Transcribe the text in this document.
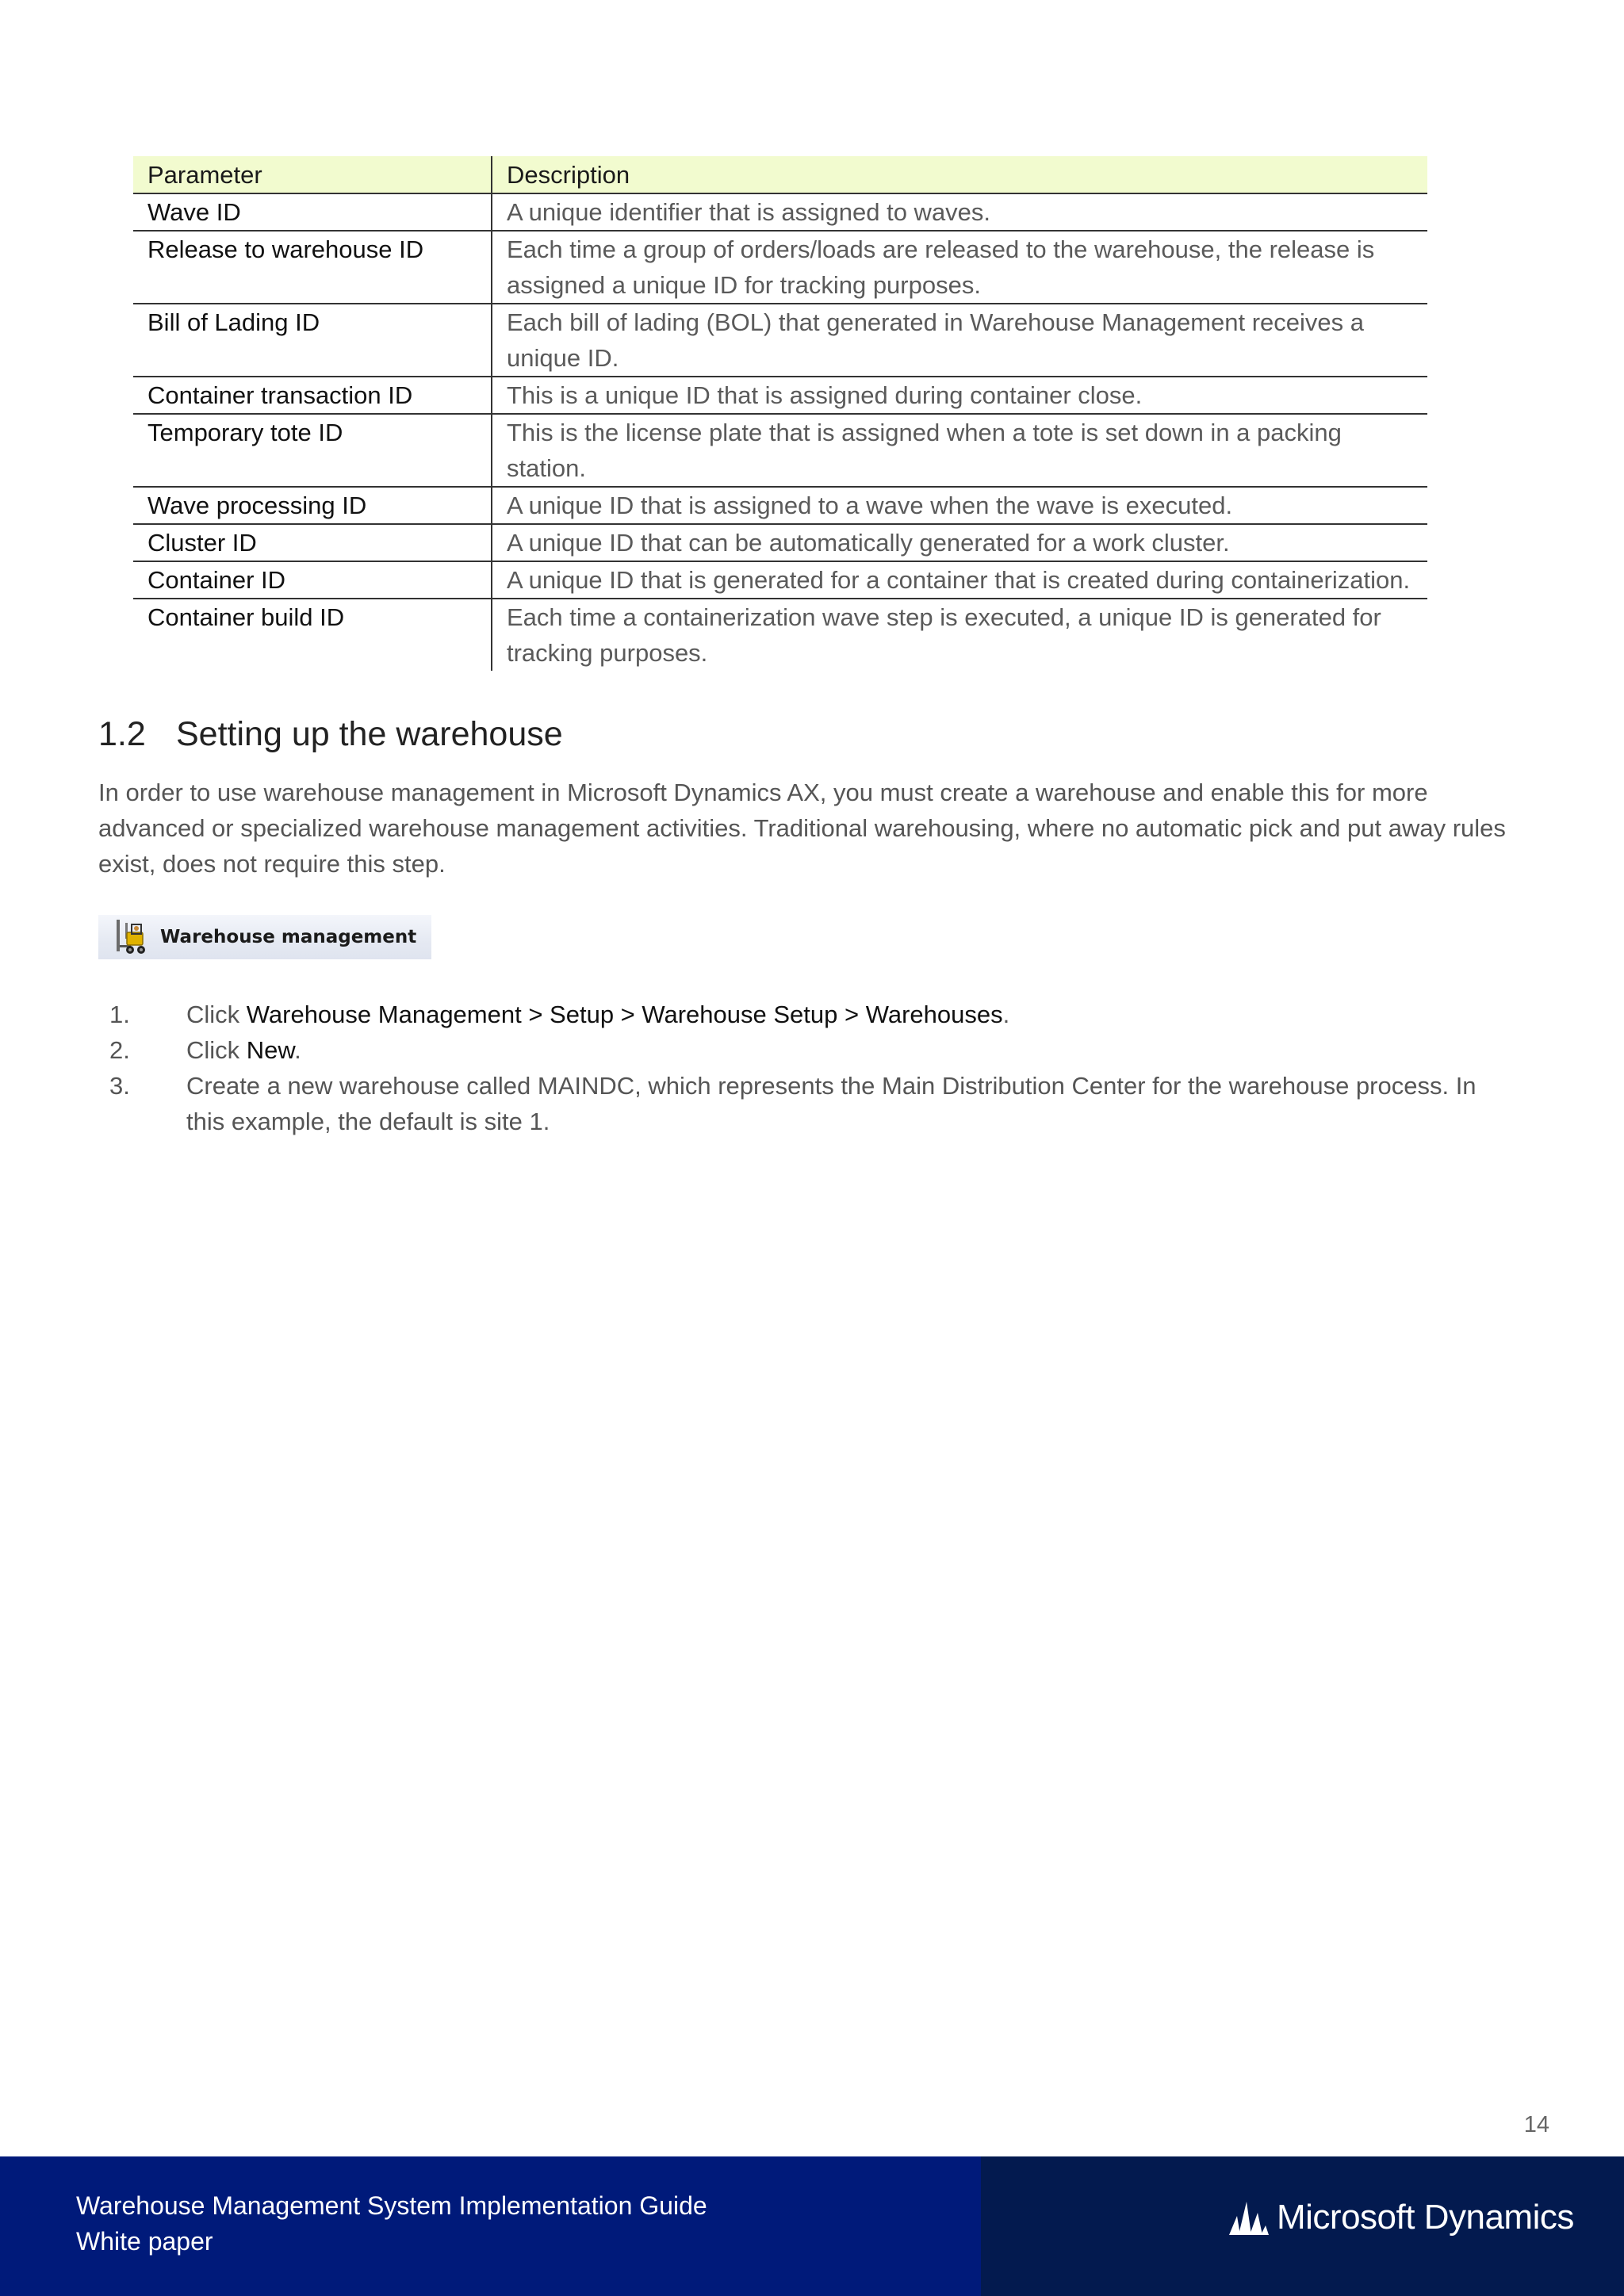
Parameter	Description
Wave ID	A unique identifier that is assigned to waves.
Release to warehouse ID	Each time a group of orders/loads are released to the warehouse, the release is assigned a unique ID for tracking purposes.
Bill of Lading ID	Each bill of lading (BOL) that generated in Warehouse Management receives a unique ID.
Container transaction ID	This is a unique ID that is assigned during container close.
Temporary tote ID	This is the license plate that is assigned when a tote is set down in a packing station.
Wave processing ID	A unique ID that is assigned to a wave when the wave is executed.
Cluster ID	A unique ID that can be automatically generated for a work cluster.
Container ID	A unique ID that is generated for a container that is created during containerization.
Container build ID	Each time a containerization wave step is executed, a unique ID is generated for tracking purposes.
1.2 Setting up the warehouse

In order to use warehouse management in Microsoft Dynamics AX, you must create a warehouse and enable this for more advanced or specialized warehouse management activities. Traditional warehousing, where no automatic pick and put away rules exist, does not require this step.

Warehouse management
1. Click Warehouse Management > Setup > Warehouse Setup > Warehouses.
2. Click New.
3. Create a new warehouse called MAINDC, which represents the Main Distribution Center for the warehouse process. In this example, the default is site 1.
14
Warehouse Management System Implementation Guide
White paper
Microsoft Dynamics
